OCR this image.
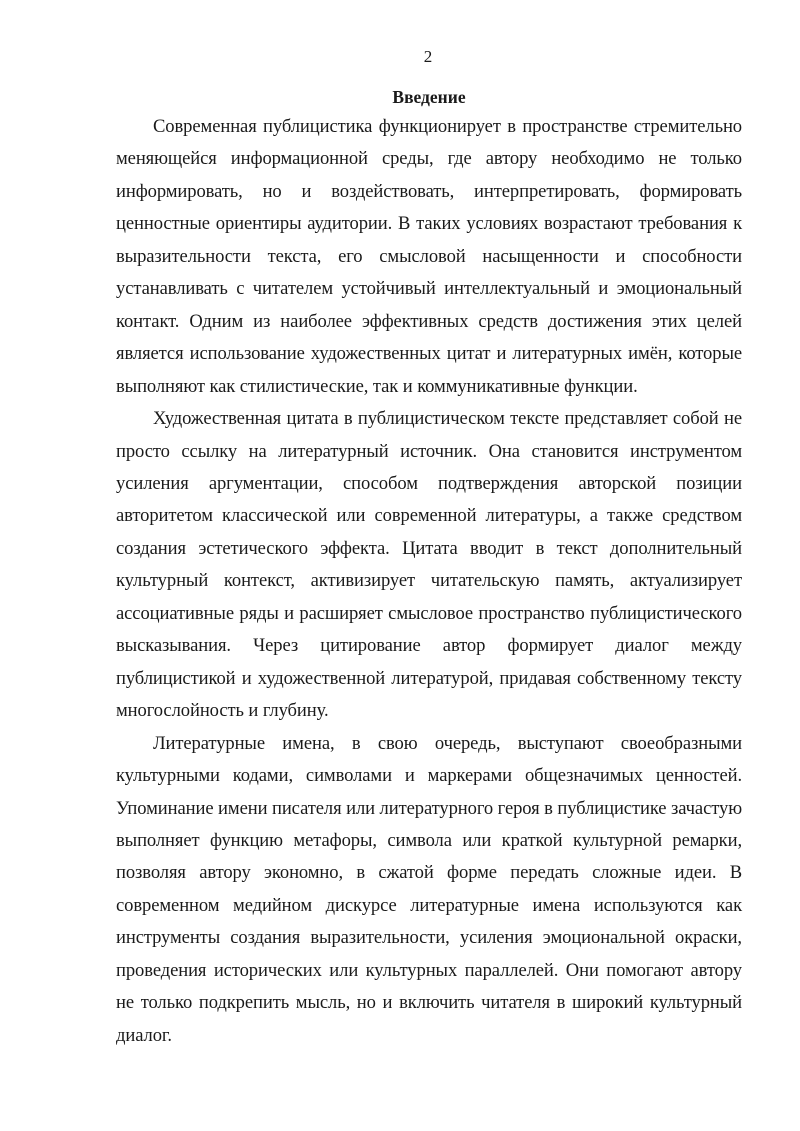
2
Введение

Современная публицистика функционирует в пространстве стремительно меняющейся информационной среды, где автору необходимо не только информировать, но и воздействовать, интерпретировать, формировать ценностные ориентиры аудитории. В таких условиях возрастают требования к выразительности текста, его смысловой насыщенности и способности устанавливать с читателем устойчивый интеллектуальный и эмоциональный контакт. Одним из наиболее эффективных средств достижения этих целей является использование художественных цитат и литературных имён, которые выполняют как стилистические, так и коммуникативные функции.

Художественная цитата в публицистическом тексте представляет собой не просто ссылку на литературный источник. Она становится инструментом усиления аргументации, способом подтверждения авторской позиции авторитетом классической или современной литературы, а также средством создания эстетического эффекта. Цитата вводит в текст дополнительный культурный контекст, активизирует читательскую память, актуализирует ассоциативные ряды и расширяет смысловое пространство публицистического высказывания. Через цитирование автор формирует диалог между публицистикой и художественной литературой, придавая собственному тексту многослойность и глубину.

Литературные имена, в свою очередь, выступают своеобразными культурными кодами, символами и маркерами общезначимых ценностей. Упоминание имени писателя или литературного героя в публицистике зачастую выполняет функцию метафоры, символа или краткой культурной ремарки, позволяя автору экономно, в сжатой форме передать сложные идеи. В современном медийном дискурсе литературные имена используются как инструменты создания выразительности, усиления эмоциональной окраски, проведения исторических или культурных параллелей. Они помогают автору не только подкрепить мысль, но и включить читателя в широкий культурный диалог.
